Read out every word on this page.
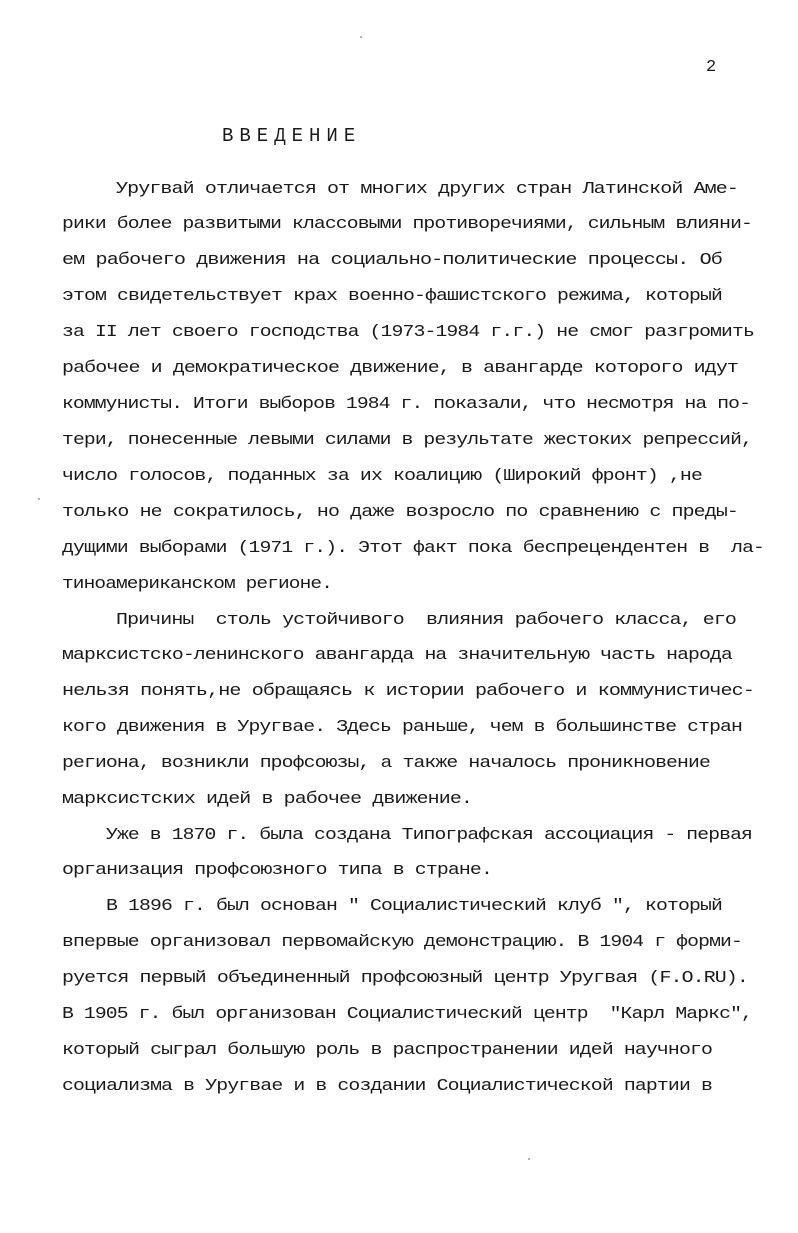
2
ВВЕДЕНИЕ
Уругвай отличается от многих других стран Латинской Аме-
рики более развитыми классовыми противоречиями, сильным влияни-
ем рабочего движения на социально-политические процессы. Об
этом свидетельствует крах военно-фашистского режима, который
за II лет своего господства (1973-1984 г.г.) не смог разгромить
рабочее и демократическое движение, в авангарде которого идут
коммунисты. Итоги выборов 1984 г. показали, что несмотря на по-
тери, понесенные левыми силами в результате жестоких репрессий,
число голосов, поданных за их коалицию (Широкий фронт) ,не
только не сократилось, но даже возросло по сравнению с преды-
дущими выборами (1971 г.). Этот факт пока беспрецендентен в  ла-
тиноамериканском регионе.
Причины  столь устойчивого  влияния рабочего класса, его
марксистско-ленинского авангарда на значительную часть народа
нельзя понять,не обращаясь к истории рабочего и коммунистичес-
кого движения в Уругвае. Здесь раньше, чем в большинстве стран
региона, возникли профсоюзы, а также началось проникновение
марксистских идей в рабочее движение.
Уже в 1870 г. была создана Типографская ассоциация - первая
организация профсоюзного типа в стране.
В 1896 г. был основан " Социалистический клуб ", который
впервые организовал первомайскую демонстрацию. В 1904 г форми-
руется первый объединенный профсоюзный центр Уругвая (F.O.RU).
В 1905 г. был организован Социалистический центр  "Карл Маркс",
который сыграл большую роль в распространении идей научного
социализма в Уругвае и в создании Социалистической партии в
